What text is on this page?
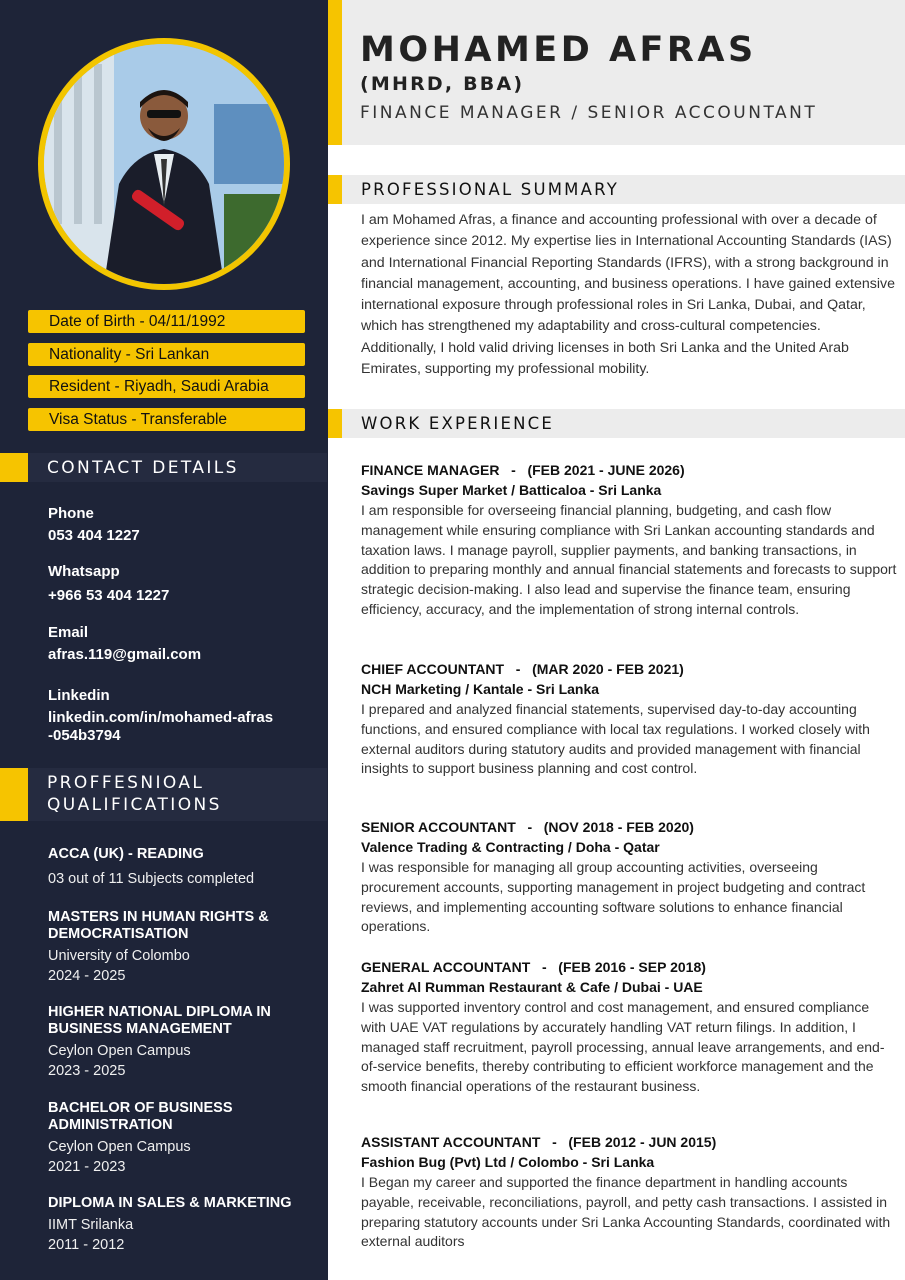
Date of Birth - 04/11/1992
Nationality - Sri Lankan
Resident - Riyadh, Saudi Arabia
Visa Status - Transferable
CONTACT DETAILS
Phone
053 404 1227
Whatsapp
+966 53 404 1227
Email
afras.119@gmail.com
Linkedin
linkedin.com/in/mohamed-afras
-054b3794
PROFFESNIOAL
QUALIFICATIONS
ACCA (UK) - READING
03 out of 11 Subjects completed
MASTERS IN HUMAN RIGHTS &
DEMOCRATISATION
University of Colombo
2024 - 2025
HIGHER NATIONAL DIPLOMA IN
BUSINESS MANAGEMENT
Ceylon Open Campus
2023 - 2025
BACHELOR OF BUSINESS
ADMINISTRATION
Ceylon Open Campus
2021 - 2023
DIPLOMA IN SALES & MARKETING
IIMT Srilanka
2011 - 2012
MOHAMED AFRAS
(MHRD, BBA)
FINANCE MANAGER / SENIOR ACCOUNTANT
PROFESSIONAL SUMMARY
I am Mohamed Afras, a finance and accounting professional with over a decade of experience since 2012. My expertise lies in International Accounting Standards (IAS) and International Financial Reporting Standards (IFRS), with a strong background in financial management, accounting, and business operations. I have gained extensive international exposure through professional roles in Sri Lanka, Dubai, and Qatar, which has strengthened my adaptability and cross-cultural competencies. Additionally, I hold valid driving licenses in both Sri Lanka and the United Arab Emirates, supporting my professional mobility.
WORK EXPERIENCE
FINANCE MANAGER   -   (FEB 2021 - JUNE 2026)
Savings Super Market / Batticaloa - Sri Lanka
I am responsible for overseeing financial planning, budgeting, and cash flow management while ensuring compliance with Sri Lankan accounting standards and taxation laws. I manage payroll, supplier payments, and banking transactions, in addition to preparing monthly and annual financial statements and forecasts to support strategic decision-making. I also lead and supervise the finance team, ensuring efficiency, accuracy, and the implementation of strong internal controls.
CHIEF ACCOUNTANT   -   (MAR 2020 - FEB 2021)
NCH Marketing / Kantale - Sri Lanka
I prepared and analyzed financial statements, supervised day-to-day accounting functions, and ensured compliance with local tax regulations. I worked closely with external auditors during statutory audits and provided management with financial insights to support business planning and cost control.
SENIOR ACCOUNTANT   -   (NOV 2018 - FEB 2020)
Valence Trading & Contracting / Doha - Qatar
I was responsible for managing all group accounting activities, overseeing procurement accounts, supporting management in project budgeting and contract reviews, and implementing accounting software solutions to enhance financial operations.
GENERAL ACCOUNTANT   -   (FEB 2016 - SEP 2018)
Zahret Al Rumman Restaurant & Cafe / Dubai - UAE
I was supported inventory control and cost management, and ensured compliance with UAE VAT regulations by accurately handling VAT return filings. In addition, I managed staff recruitment, payroll processing, annual leave arrangements, and end-of-service benefits, thereby contributing to efficient workforce management and the smooth financial operations of the restaurant business.
ASSISTANT ACCOUNTANT   -   (FEB 2012 - JUN 2015)
Fashion Bug (Pvt) Ltd / Colombo - Sri Lanka
I Began my career and supported the finance department in handling accounts payable, receivable, reconciliations, payroll, and petty cash transactions. I assisted in preparing statutory accounts under Sri Lanka Accounting Standards, coordinated with external auditors
